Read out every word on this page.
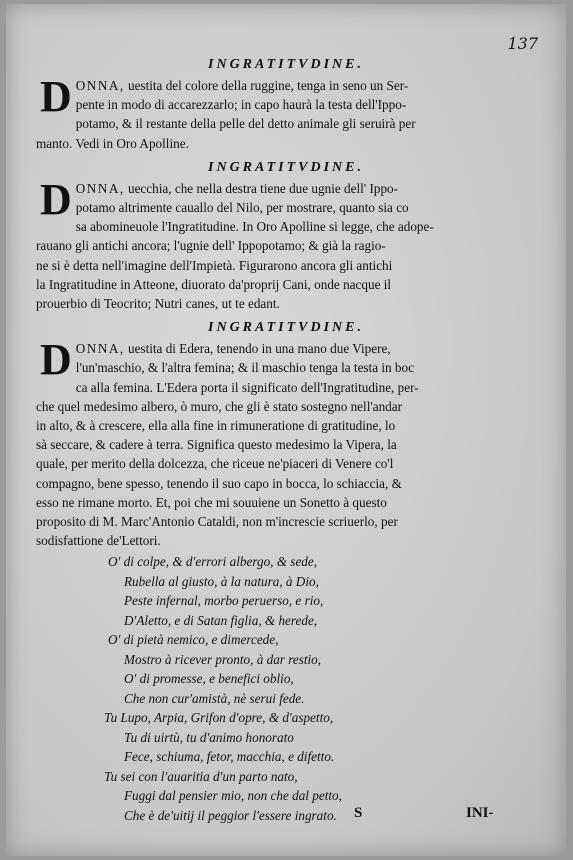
137

INGRATITVDINE.

DONNA, uestita del colore della ruggine, tenga in seno un Ser-
pente in modo di accarezzarlo; in capo haurà la testa dell'Ippo-
potamo, & il restante della pelle del detto animale gli seruirà per
manto. Vedi in Oro Apolline.

INGRATITVDINE.

DONNA, uecchia, che nella destra tiene due ugnie dell' Ippo-
potamo altrimente cauallo del Nilo, per mostrare, quanto sia co
sa abomineuole l'Ingratitudine. In Oro Apolline si legge, che adope-
rauano gli antichi ancora; l'ugnie dell' Ippopotamo; & già la ragio-
ne si è detta nell'imagine dell'Impietà. Figurarono ancora gli antichi
la Ingratitudine in Atteone, diuorato da'proprij Cani, onde nacque il
prouerbio di Teocrito; Nutri canes, ut te edant.

INGRATITVDINE.

DONNA, uestita di Edera, tenendo in una mano due Vipere,
l'un'maschio, & l'altra femina; & il maschio tenga la testa in boc
ca alla femina. L'Edera porta il significato dell'Ingratitudine, per-
che quel medesimo albero, ò muro, che gli è stato sostegno nell'andar
in alto, & à crescere, ella alla fine in rimuneratione di gratitudine, lo
sà seccare, & cadere à terra. Significa questo medesimo la Vipera, la
quale, per merito della dolcezza, che riceue ne'piaceri di Venere co'l
compagno, bene spesso, tenendo il suo capo in bocca, lo schiaccia, &
esso ne rimane morto. Et, poi che mi souuiene un Sonetto à questo
proposito di M. Marc'Antonio Cataldi, non m'increscie scriuerlo, per
sodisfattione de'Lettori.

O' di colpe, & d'errori albergo, & sede,
Rubella al giusto, à la natura, à Dio,
Peste infernal, morbo peruerso, e rio,
D'Aletto, e di Satan figlia, & herede,
O' di pietà nemico, e dimercede,
Mostro à ricever pronto, à dar restio,
O' di promesse, e benefici oblio,
Che non cur'amistà, nè serui fede.
Tu Lupo, Arpia, Grifon d'opre, & d'aspetto,
Tu di uirtù, tu d'animo honorato
Fece, schiuma, fetor, macchia, e difetto.
Tu sei con l'auaritia d'un parto nato,
Fuggi dal pensier mio, non che dal petto,
Che è de'uitij il peggior l'essere ingrato.	S	INI-
